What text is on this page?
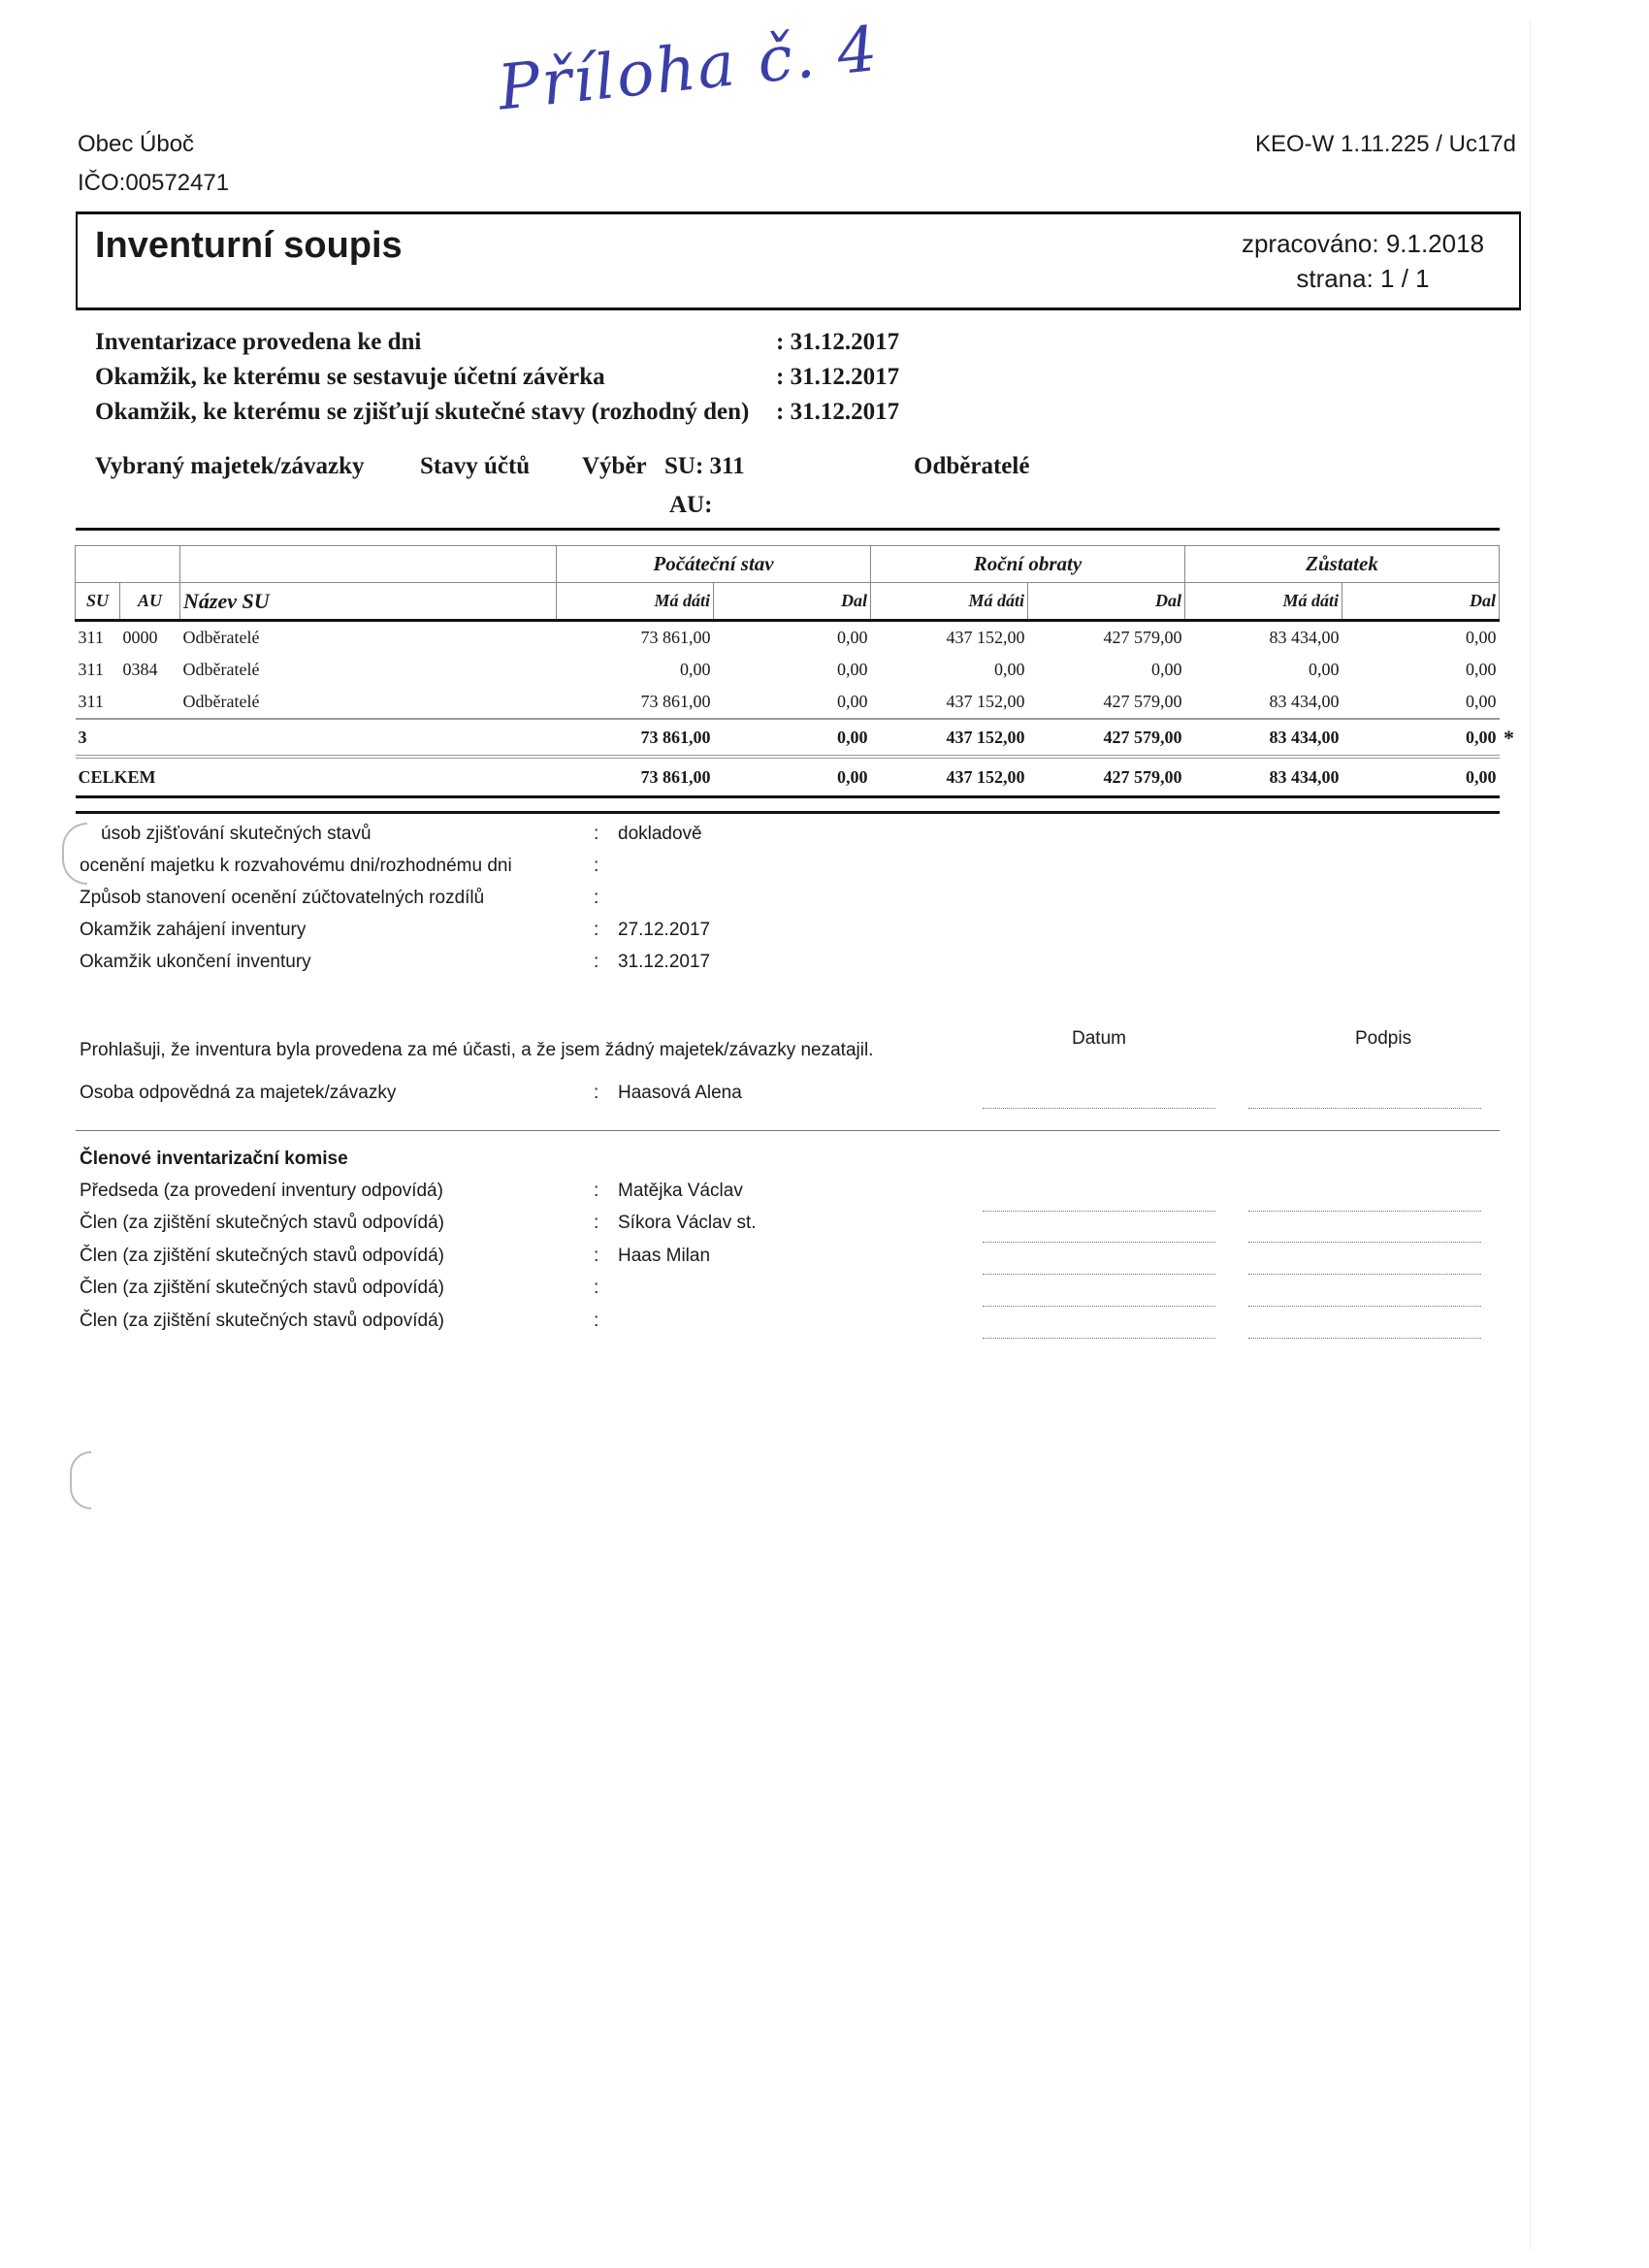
Příloha č. 4
Obec Úboč
IČO:00572471
KEO-W 1.11.225 / Uc17d
Inventurní soupis	zpracováno: 9.1.2018
strana: 1 / 1
Inventarizace provedena ke dni	: 31.12.2017
Okamžik, ke kterému se sestavuje účetní závěrka	: 31.12.2017
Okamžik, ke kterému se zjišťují skutečné stavy (rozhodný den) : 31.12.2017
Vybraný majetek/závazky Stavy účtů Výběr SU: 311
AU:
Odběratelé
			Počáteční stav		Roční obraty		Zůstatek	
SU	AU	Název SU	Má dáti	Dal	Má dáti	Dal	Má dáti	Dal
311	0000	Odběratelé	73 861,00	0,00	437 152,00	427 579,00	83 434,00	0,00
311	0384	Odběratelé	0,00	0,00	0,00	0,00	0,00	0,00
311		Odběratelé	73 861,00	0,00	437 152,00	427 579,00	83 434,00	0,00
3			73 861,00	0,00	437 152,00	427 579,00	83 434,00	0,00
CELKEM			73 861,00	0,00	437 152,00	427 579,00	83 434,00	0,00
*
úsob zjišťování skutečných stavů	: dokladově
ocenění majetku k rozvahovému dni/rozhodnému dni	:
Způsob stanovení ocenění zúčtovatelných rozdílů	:
Okamžik zahájení inventury	: 27.12.2017
Okamžik ukončení inventury	: 31.12.2017
Datum	Podpis
Prohlašuji, že inventura byla provedena za mé účasti, a že jsem žádný majetek/závazky nezatajil.
Osoba odpovědná za majetek/závazky	: Haasová Alena
Členové inventarizační komise
Předseda (za provedení inventury odpovídá)	: Matějka Václav
Člen (za zjištění skutečných stavů odpovídá)	: Síkora Václav st.
Člen (za zjištění skutečných stavů odpovídá)	: Haas Milan
Člen (za zjištění skutečných stavů odpovídá)	:
Člen (za zjištění skutečných stavů odpovídá)	:
